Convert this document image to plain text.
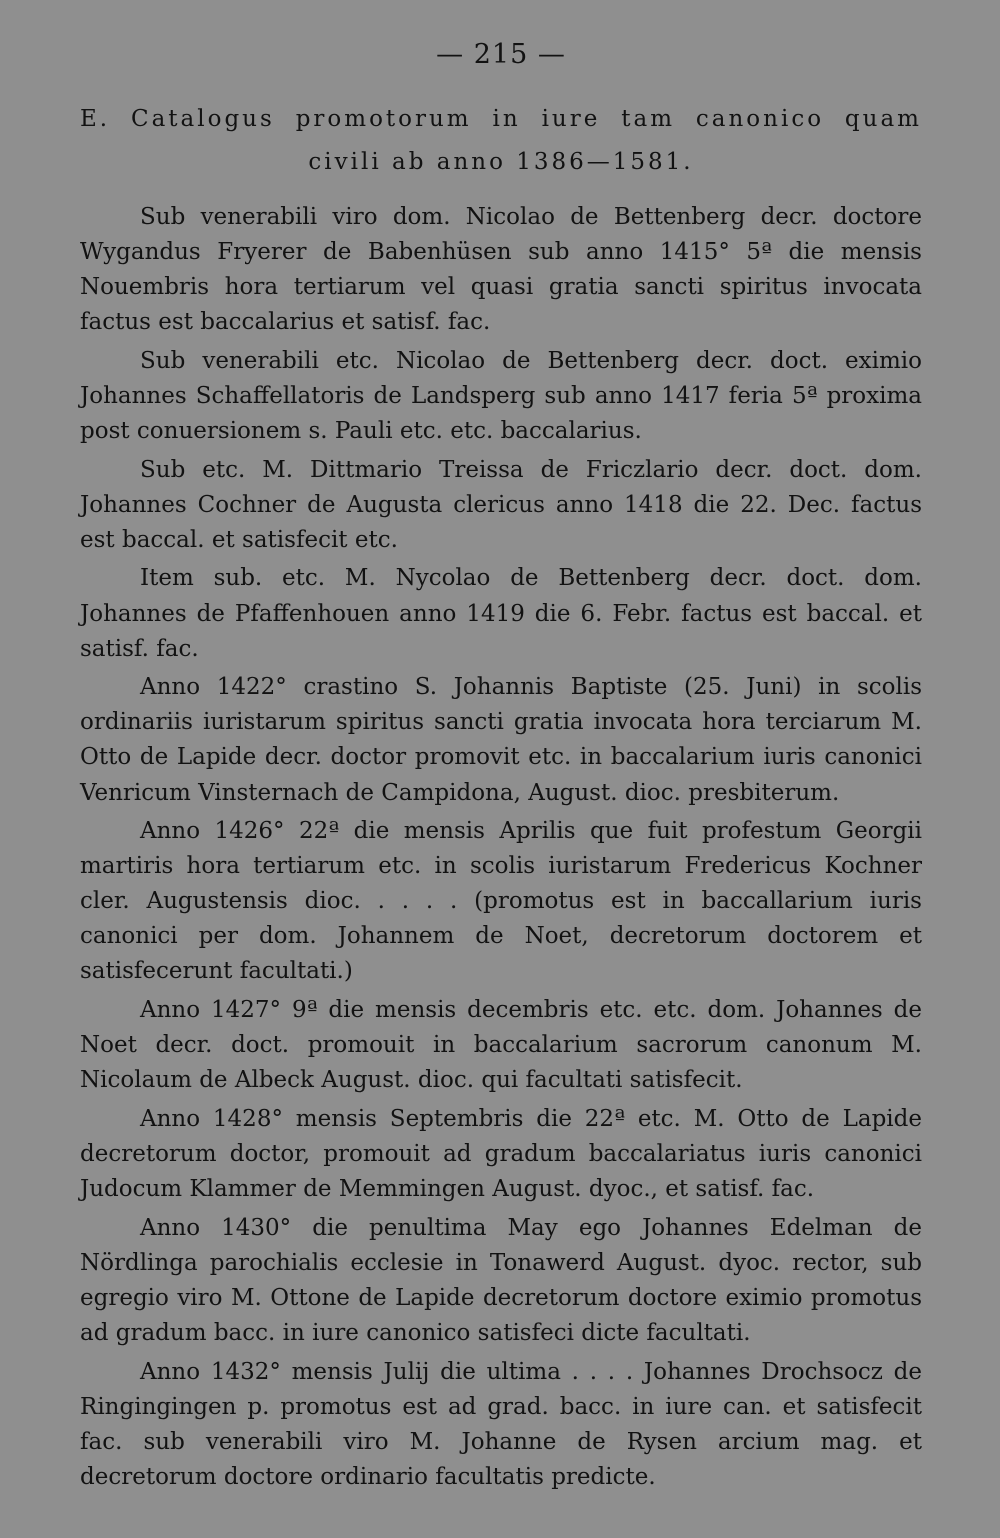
— 215 —
E. Catalogus promotorum in iure tam canonico quam civili ab anno 1386—1581.

Sub venerabili viro dom. Nicolao de Bettenberg decr. doctore Wygandus Fryerer de Babenhüsen sub anno 1415° 5ª die mensis Nouembris hora tertiarum vel quasi gratia sancti spiritus invocata factus est baccalarius et satisf. fac.

Sub venerabili etc. Nicolao de Bettenberg decr. doct. eximio Johannes Schaffellatoris de Landsperg sub anno 1417 feria 5ª proxima post conuersionem s. Pauli etc. etc. baccalarius.

Sub etc. M. Dittmario Treissa de Friczlario decr. doct. dom. Johannes Cochner de Augusta clericus anno 1418 die 22. Dec. factus est baccal. et satisfecit etc.

Item sub. etc. M. Nycolao de Bettenberg decr. doct. dom. Johannes de Pfaffenhouen anno 1419 die 6. Febr. factus est baccal. et satisf. fac.

Anno 1422° crastino S. Johannis Baptiste (25. Juni) in scolis ordinariis iuristarum spiritus sancti gratia invocata hora terciarum M. Otto de Lapide decr. doctor promovit etc. in baccalarium iuris canonici Venricum Vinsternach de Campidona, August. dioc. presbiterum.

Anno 1426° 22ª die mensis Aprilis que fuit profestum Georgii martiris hora tertiarum etc. in scolis iuristarum Fredericus Kochner cler. Augustensis dioc. . . . . (promotus est in baccallarium iuris canonici per dom. Johannem de Noet, decretorum doctorem et satisfecerunt facultati.)

Anno 1427° 9ª die mensis decembris etc. etc. dom. Johannes de Noet decr. doct. promouit in baccalarium sacrorum canonum M. Nicolaum de Albeck August. dioc. qui facultati satisfecit.

Anno 1428° mensis Septembris die 22ª etc. M. Otto de Lapide decretorum doctor, promouit ad gradum baccalariatus iuris canonici Judocum Klammer de Memmingen August. dyoc., et satisf. fac.

Anno 1430° die penultima May ego Johannes Edelman de Nördlinga parochialis ecclesie in Tonawerd August. dyoc. rector, sub egregio viro M. Ottone de Lapide decretorum doctore eximio promotus ad gradum bacc. in iure canonico satisfeci dicte facultati.

Anno 1432° mensis Julij die ultima . . . . Johannes Drochsocz de Ringingingen p. promotus est ad grad. bacc. in iure can. et satisfecit fac. sub venerabili viro M. Johanne de Rysen arcium mag. et decretorum doctore ordinario facultatis predicte.
